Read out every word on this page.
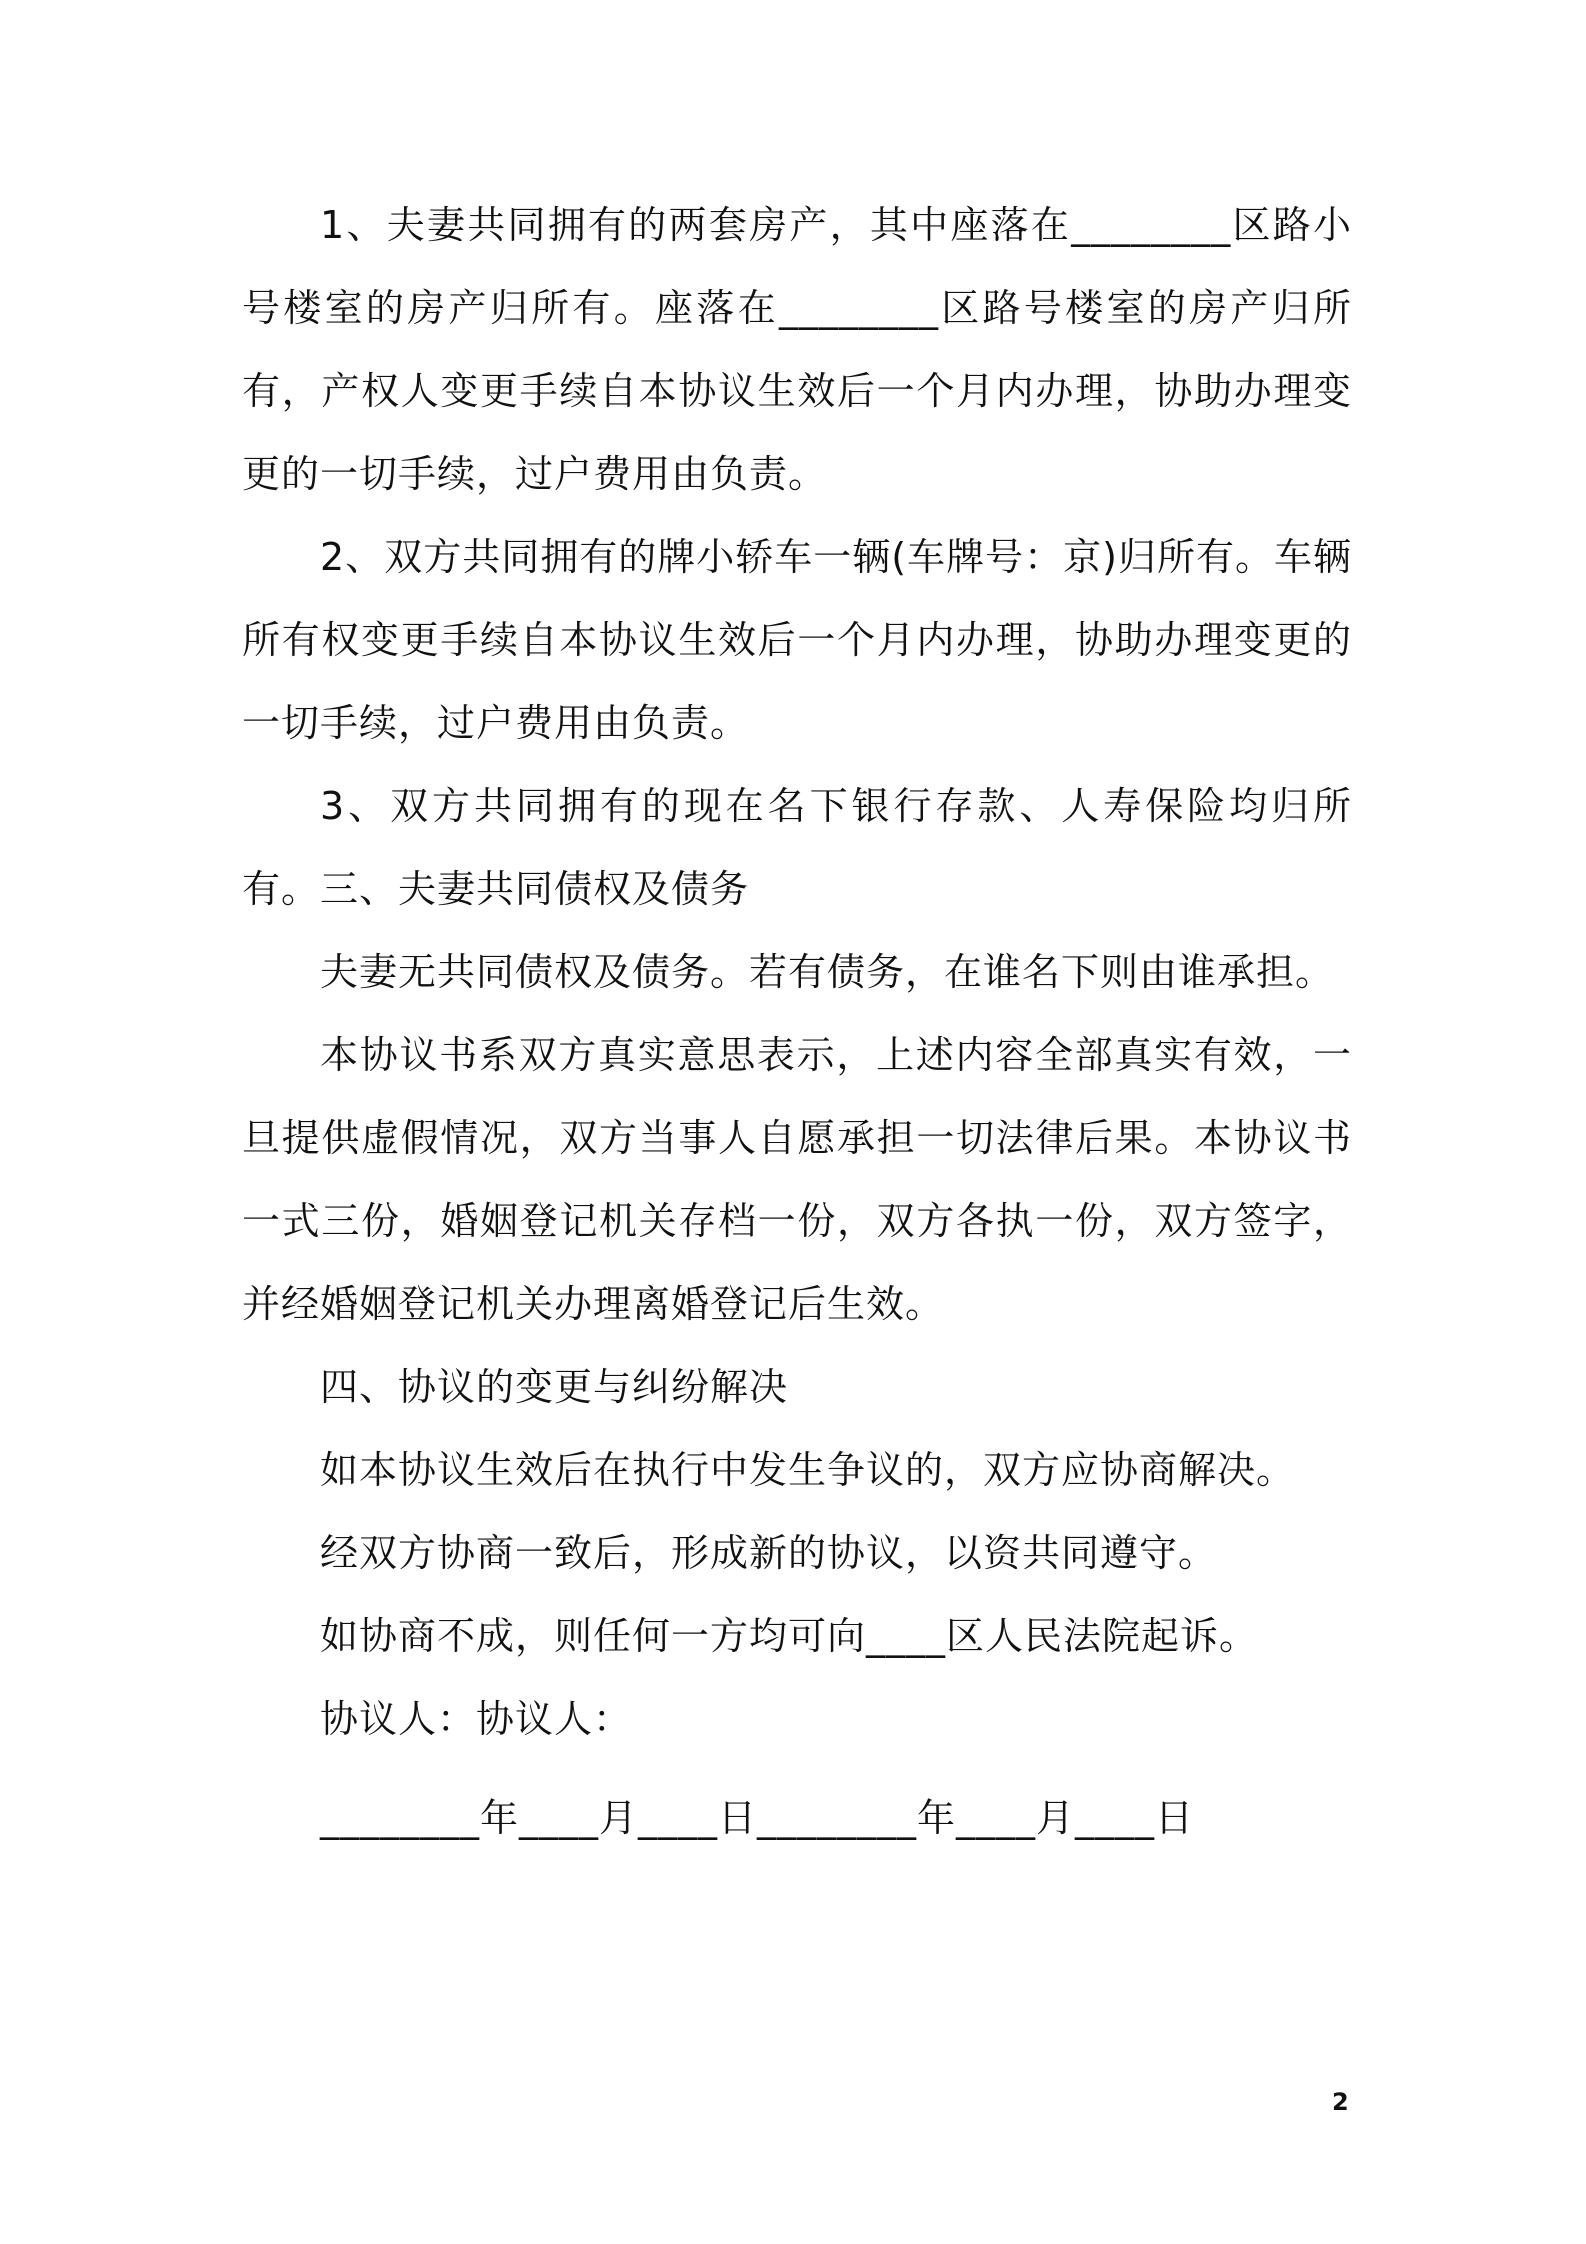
1、夫妻共同拥有的两套房产，其中座落在________区路小号楼室的房产归所有。座落在________区路号楼室的房产归所有，产权人变更手续自本协议生效后一个月内办理，协助办理变更的一切手续，过户费用由负责。

2、双方共同拥有的牌小轿车一辆(车牌号：京)归所有。车辆所有权变更手续自本协议生效后一个月内办理，协助办理变更的一切手续，过户费用由负责。

3、双方共同拥有的现在名下银行存款、人寿保险均归所有。 三、夫妻共同债权及债务

夫妻无共同债权及债务。若有债务，在谁名下则由谁承担。

本协议书系双方真实意思表示，上述内容全部真实有效，一旦提供虚假情况，双方当事人自愿承担一切法律后果。本协议书一式三份，婚姻登记机关存档一份，双方各执一份，双方签字，并经婚姻登记机关办理离婚登记后生效。

四、协议的变更与纠纷解决

如本协议生效后在执行中发生争议的，双方应协商解决。

经双方协商一致后，形成新的协议，以资共同遵守。

如协商不成，则任何一方均可向____区人民法院起诉。

协议人：协议人：

________年____月____日________年____月____日

2
